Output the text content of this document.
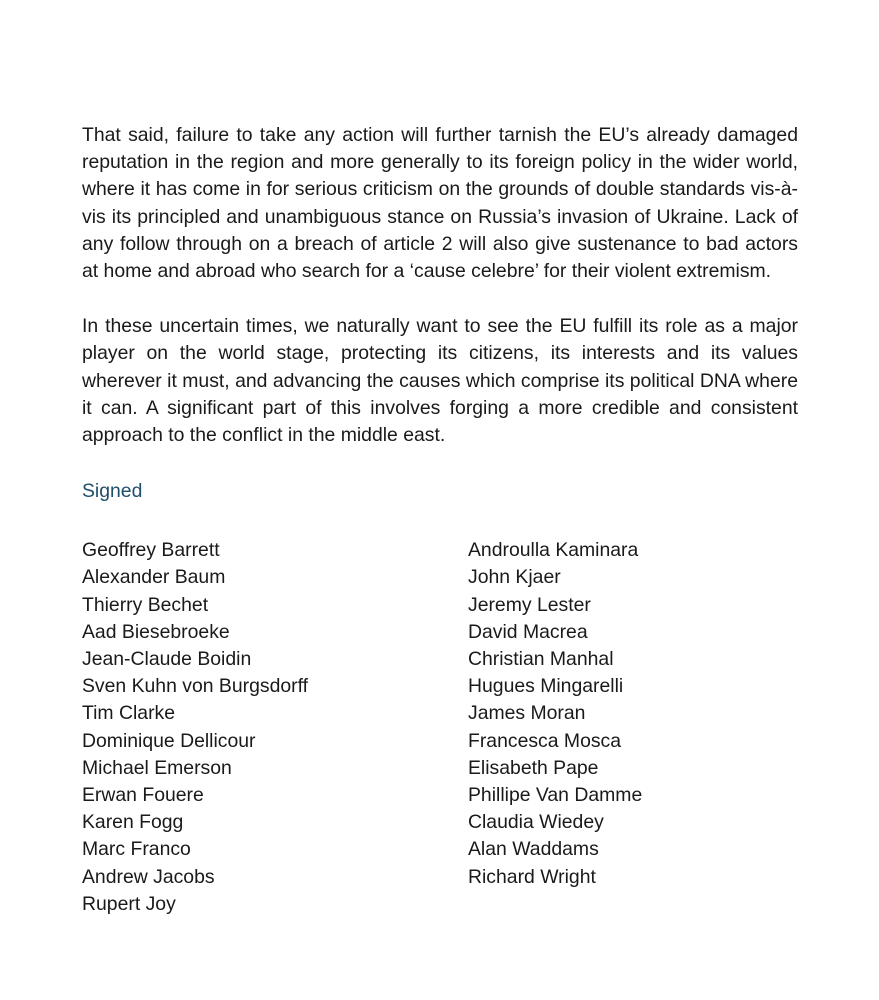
That said, failure to take any action will further tarnish the EU’s already damaged reputation in the region and more generally to its foreign policy in the wider world, where it has come in for serious criticism on the grounds of double standards vis-à-vis its principled and unambiguous stance on Russia’s invasion of Ukraine. Lack of any follow through on a breach of article 2 will also give sustenance to bad actors at home and abroad who search for a ‘cause celebre’ for their violent extremism.

In these uncertain times, we naturally want to see the EU fulfill its role as a major player on the world stage, protecting its citizens, its interests and its values wherever it must, and advancing the causes which comprise its political DNA where it can. A significant part of this involves forging a more credible and consistent approach to the conflict in the middle east.

Signed

Geoffrey Barrett
Alexander Baum
Thierry Bechet
Aad Biesebroeke
Jean-Claude Boidin
Sven Kuhn von Burgsdorff
Tim Clarke
Dominique Dellicour
Michael Emerson
Erwan Fouere
Karen Fogg
Marc Franco
Andrew Jacobs
Rupert Joy
Androulla Kaminara
John Kjaer
Jeremy Lester
David Macrea
Christian Manhal
Hugues Mingarelli
James Moran
Francesca Mosca
Elisabeth Pape
Phillipe Van Damme
Claudia Wiedey
Alan Waddams
Richard Wright
